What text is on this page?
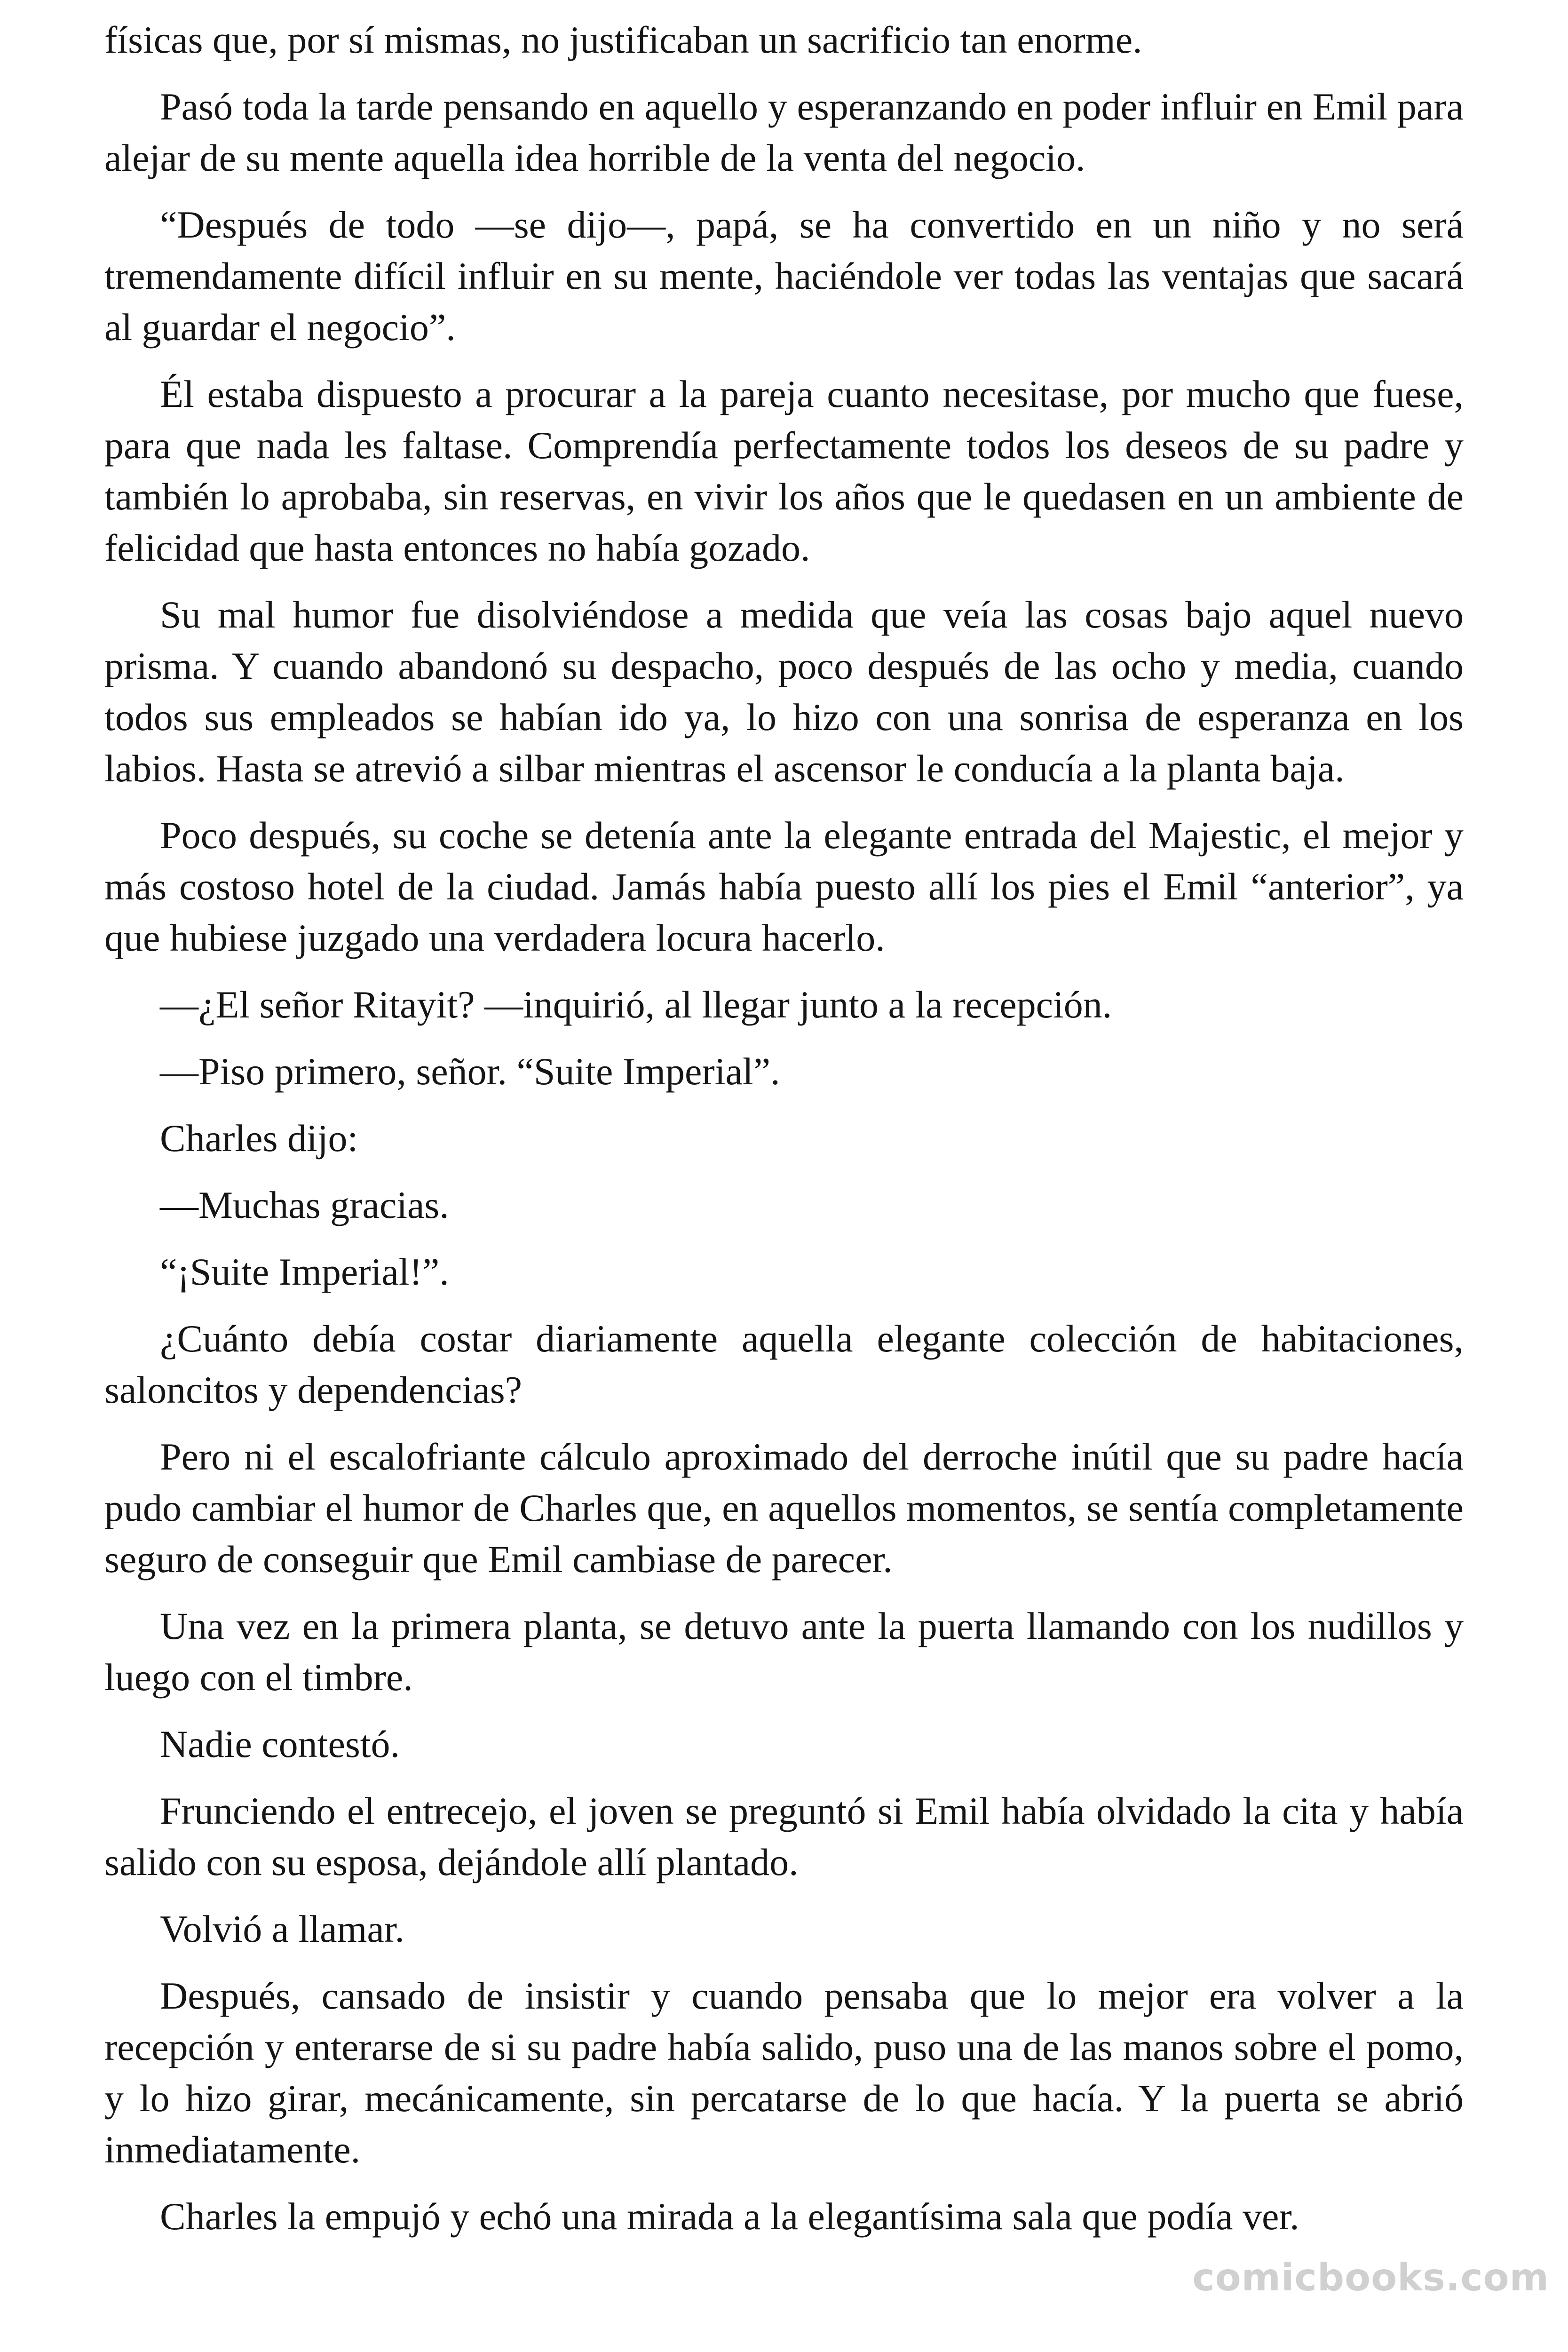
físicas que, por sí mismas, no justificaban un sacrificio tan enorme.

Pasó toda la tarde pensando en aquello y esperanzando en poder influir en Emil para alejar de su mente aquella idea horrible de la venta del negocio.

“Después de todo —se dijo—, papá, se ha convertido en un niño y no será tremendamente difícil influir en su mente, haciéndole ver todas las ventajas que sacará al guardar el negocio”.

Él estaba dispuesto a procurar a la pareja cuanto necesitase, por mucho que fuese, para que nada les faltase. Comprendía perfectamente todos los deseos de su padre y también lo aprobaba, sin reservas, en vivir los años que le quedasen en un ambiente de felicidad que hasta entonces no había gozado.

Su mal humor fue disolviéndose a medida que veía las cosas bajo aquel nuevo prisma. Y cuando abandonó su despacho, poco después de las ocho y media, cuando todos sus empleados se habían ido ya, lo hizo con una sonrisa de esperanza en los labios. Hasta se atrevió a silbar mientras el ascensor le conducía a la planta baja.

Poco después, su coche se detenía ante la elegante entrada del Majestic, el mejor y más costoso hotel de la ciudad. Jamás había puesto allí los pies el Emil “anterior”, ya que hubiese juzgado una verdadera locura hacerlo.

—¿El señor Ritayit? —inquirió, al llegar junto a la recepción.

—Piso primero, señor. “Suite Imperial”.

Charles dijo:

—Muchas gracias.

“¡Suite Imperial!”.

¿Cuánto debía costar diariamente aquella elegante colección de habitaciones, saloncitos y dependencias?

Pero ni el escalofriante cálculo aproximado del derroche inútil que su padre hacía pudo cambiar el humor de Charles que, en aquellos momentos, se sentía completamente seguro de conseguir que Emil cambiase de parecer.

Una vez en la primera planta, se detuvo ante la puerta llamando con los nudillos y luego con el timbre.

Nadie contestó.

Frunciendo el entrecejo, el joven se preguntó si Emil había olvidado la cita y había salido con su esposa, dejándole allí plantado.

Volvió a llamar.

Después, cansado de insistir y cuando pensaba que lo mejor era volver a la recepción y enterarse de si su padre había salido, puso una de las manos sobre el pomo, y lo hizo girar, mecánicamente, sin percatarse de lo que hacía. Y la puerta se abrió inmediatamente.

Charles la empujó y echó una mirada a la elegantísima sala que podía ver.

comicbooks.com
